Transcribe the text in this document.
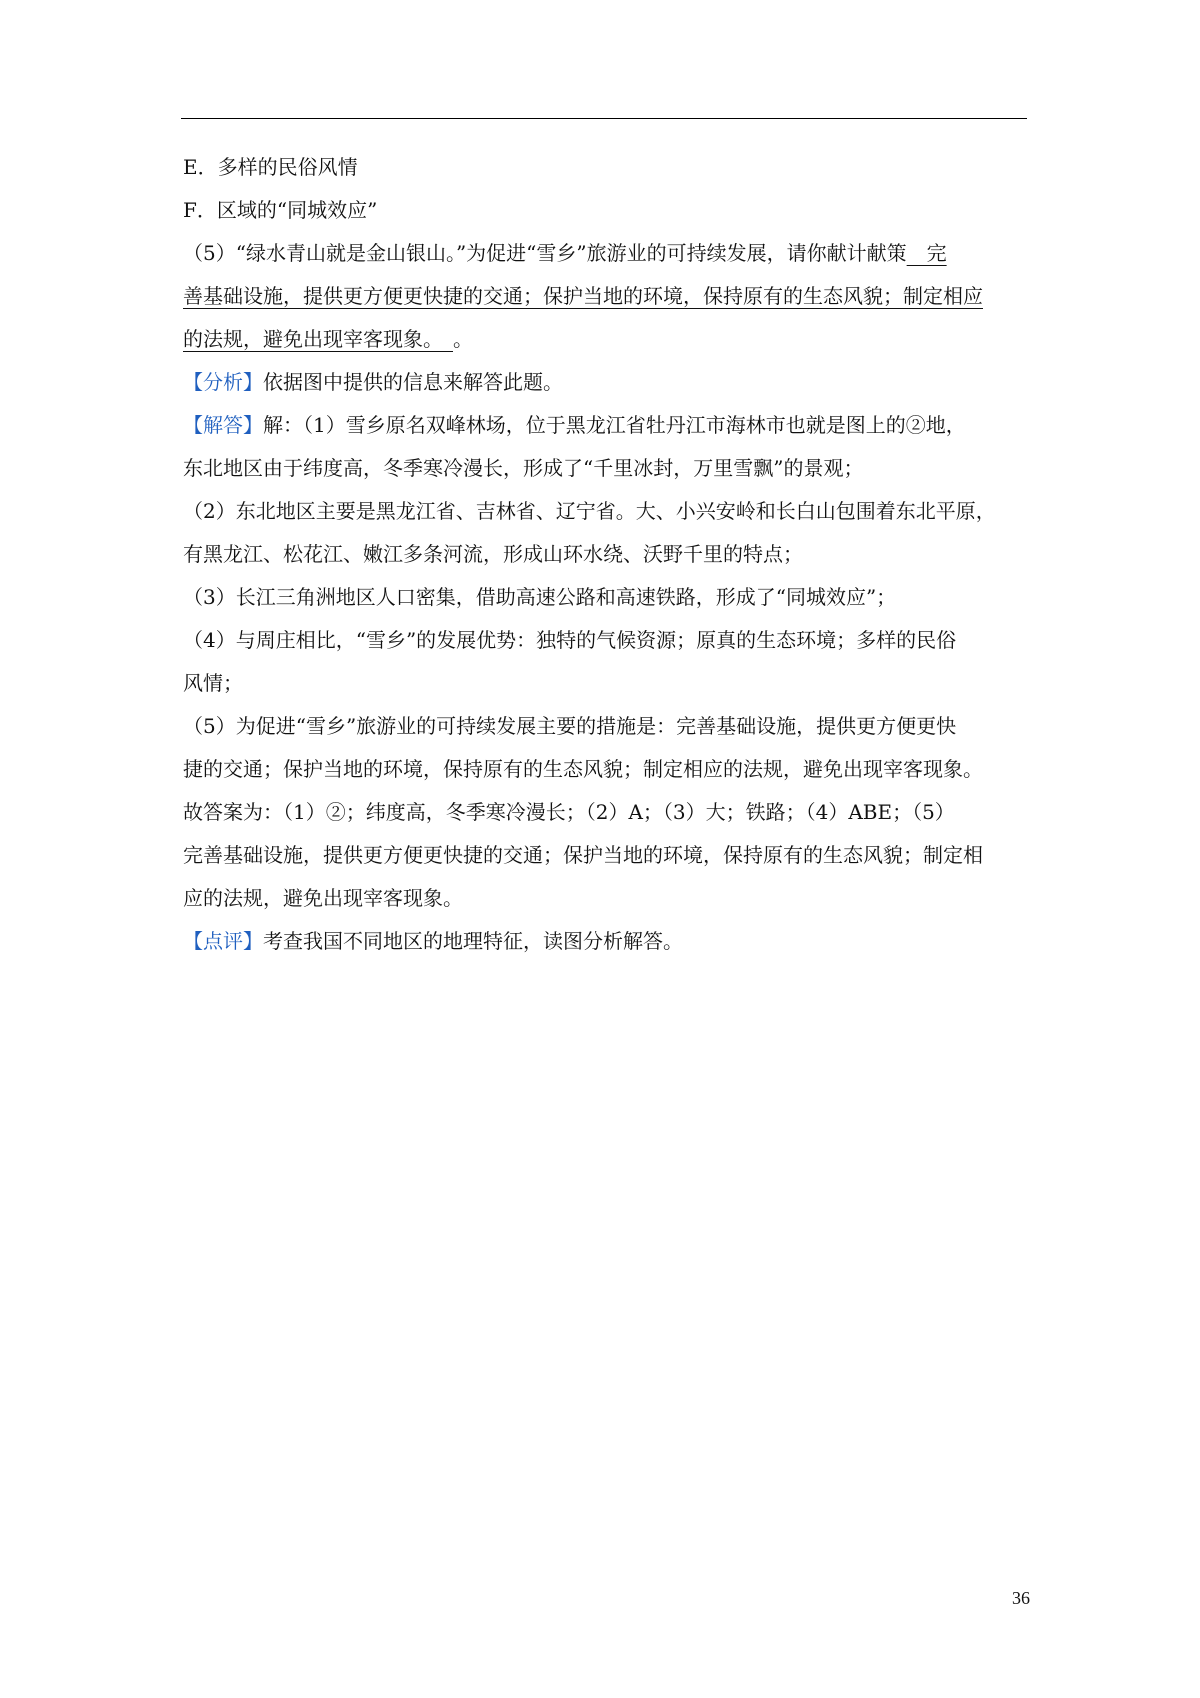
E．多样的民俗风情

F．区域的“同城效应”

（5）“绿水青山就是金山银山。”为促进“雪乡”旅游业的可持续发展，请你献计献策　完

善基础设施，提供更方便更快捷的交通；保护当地的环境，保持原有的生态风貌；制定相应

的法规，避免出现宰客现象。　。

【分析】依据图中提供的信息来解答此题。

【解答】解：（1）雪乡原名双峰林场，位于黑龙江省牡丹江市海林市也就是图上的②地，

东北地区由于纬度高，冬季寒冷漫长，形成了“千里冰封，万里雪飘”的景观；

（2）东北地区主要是黑龙江省、吉林省、辽宁省。大、小兴安岭和长白山包围着东北平原，

有黑龙江、松花江、嫩江多条河流，形成山环水绕、沃野千里的特点；

（3）长江三角洲地区人口密集，借助高速公路和高速铁路，形成了“同城效应”；

（4）与周庄相比，“雪乡”的发展优势：独特的气候资源；原真的生态环境；多样的民俗

风情；

（5）为促进“雪乡”旅游业的可持续发展主要的措施是：完善基础设施，提供更方便更快

捷的交通；保护当地的环境，保持原有的生态风貌；制定相应的法规，避免出现宰客现象。

故答案为：（1）②；纬度高，冬季寒冷漫长；（2）A；（3）大；铁路；（4）ABE；（5）

完善基础设施，提供更方便更快捷的交通；保护当地的环境，保持原有的生态风貌；制定相

应的法规，避免出现宰客现象。

【点评】考查我国不同地区的地理特征，读图分析解答。

36
